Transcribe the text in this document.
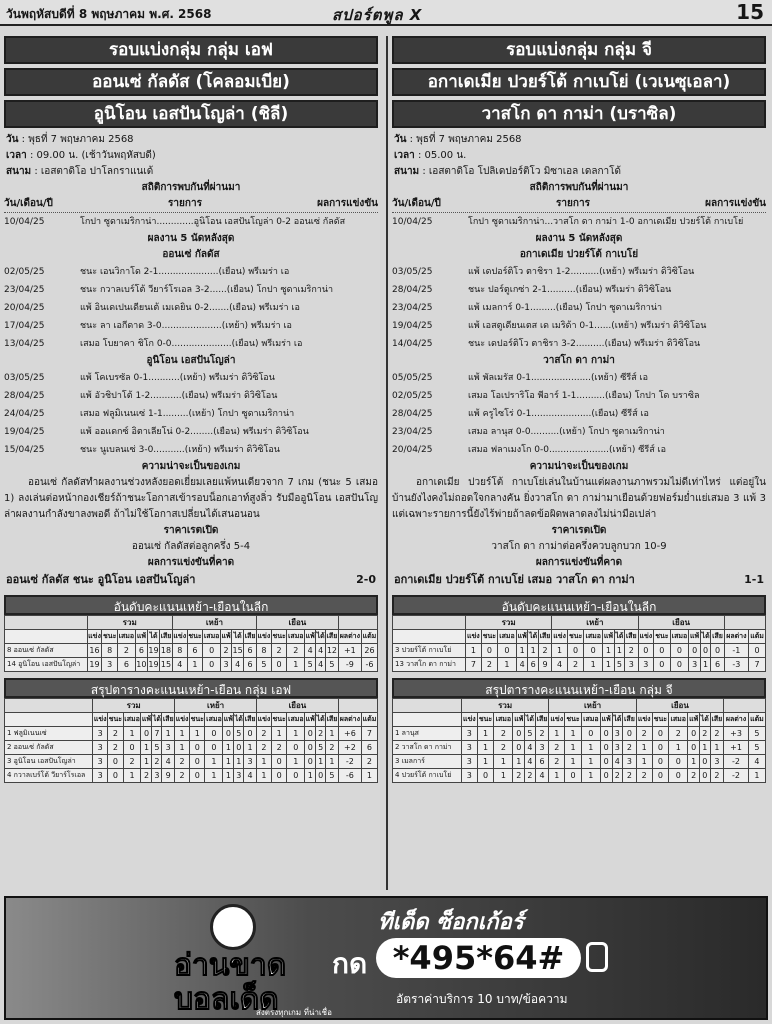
วันพฤหัสบดีที่ 8 พฤษภาคม พ.ศ. 2568	สปอร์ตพูล X	15
รอบแบ่งกลุ่ม กลุ่ม เอฟ
ออนเซ่ กัลดัส (โคลอมเบีย)
อูนิโอน เอสปันโญล่า (ชิลี)
วัน : พุธที่ 7 พฤษภาคม 2568
เวลา : 09.00 น. (เช้าวันพฤหัสบดี)
สนาม : เอสตาดิโอ ปาโลกราแนเด้
สถิติการพบกันที่ผ่านมา
วัน/เดือน/ปี	รายการ	ผลการแข่งขัน
10/04/25	โกปา ซูดาเมริกาน่า.............อูนิโอน เอสปันโญล่า 0-2 ออนเซ่ กัลดัส
ผลงาน 5 นัดหลังสุด
ออนเซ่ กัลดัส
02/05/25	ชนะ เอนวิกาโด 2-1.....................(เยือน) พรีเมร่า เอ
23/04/25	ชนะ กวาลเบร์โต้ วียาร์โรเอล 3-2......(เยือน) โกปา ซูดาเมริกาน่า
20/04/25	แพ้ อินเดเปนเดียนเต้ เมเดยิน 0-2.......(เยือน) พรีเมร่า เอ
17/04/25	ชนะ ลา เอกีดาด 3-0.....................(เหย้า) พรีเมร่า เอ
13/04/25	เสมอ โบยาคา ชิโก 0-0.....................(เยือน) พรีเมร่า เอ
อูนิโอน เอสปันโญล่า
03/05/25	แพ้ โคเบรซัล 0-1...........(เหย้า) พรีเมร่า ดิวิซิโอน
28/04/25	แพ้ อัวชิปาโต้ 1-2...........(เยือน) พรีเมร่า ดิวิซิโอน
24/04/25	เสมอ ฟลูมิเนนเซ่ 1-1.........(เหย้า) โกปา ซูดาเมริกาน่า
19/04/25	แพ้ ออแดกซ์ อิตาเลียโน่ 0-2........(เยือน) พรีเมร่า ดิวิซิโอน
15/04/25	ชนะ นูเบลนเซ่ 3-0...........(เหย้า) พรีเมร่า ดิวิซิโอน
ความน่าจะเป็นของเกม
ออนเซ่ กัลดัสทำผลงานช่วงหลังยอดเยี่ยมเลยแพ้หนเดียวจาก 7 เกม (ชนะ 5 เสมอ 1) ลงเล่นต่อหน้ากองเชียร์ถ้าชนะโอกาสเข้ารอบน็อกเอาท์สูงลิ่ว รับมืออูนิโอน เอสปันโญล่าผลงานกำลังขาลงพอดี ถ้าไม่ใช้โอกาสเปลี่ยนได้เสนอนอน
ราคาเรตเปิด
ออนเซ่ กัลดัสต่อลูกครึ่ง 5-4
ผลการแข่งขันที่คาด
ออนเซ่ กัลดัส ชนะ อูนิโอน เอสปันโญล่า	2-0
อันดับคะแนนเหย้า-เยือนในลีก
	รวม						เหย้า						เยือน							
	แข่ง	ชนะ	เสมอ	แพ้	ได้	เสีย	แข่ง	ชนะ	เสมอ	แพ้	ได้	เสีย	แข่ง	ชนะ	เสมอ	แพ้	ได้	เสีย	ผลต่าง	แต้ม
8 ออนเซ่ กัลดัส	16	8	2	6	19	18	8	6	0	2	15	6	8	2	2	4	4	12	+1	26
14 อูนิโอน เอสปันโญล่า	19	3	6	10	19	15	4	1	0	3	4	6	5	0	1	5	4	5	-9	-6
สรุปตารางคะแนนเหย้า-เยือน กลุ่ม เอฟ
	รวม						เหย้า						เยือน							
	แข่ง	ชนะ	เสมอ	แพ้	ได้	เสีย	แข่ง	ชนะ	เสมอ	แพ้	ได้	เสีย	แข่ง	ชนะ	เสมอ	แพ้	ได้	เสีย	ผลต่าง	แต้ม
1 ฟลูมิเนนเซ่	3	2	1	0	7	1	1	1	0	0	5	0	2	1	1	0	2	1	+6	7
2 ออนเซ่ กัลดัส	3	2	0	1	5	3	1	0	0	1	0	1	2	2	0	0	5	2	+2	6
3 อูนิโอน เอสปันโญล่า	3	0	2	1	2	4	2	0	1	1	1	3	1	0	1	0	1	1	-2	2
4 กวาลเบร์โต้ วียาร์โรเอล	3	0	1	2	3	9	2	0	1	1	3	4	1	0	0	1	0	5	-6	1
รอบแบ่งกลุ่ม กลุ่ม จี
อกาเดเมีย ปวยร์โต้ กาเบโย่ (เวเนซุเอลา)
วาสโก ดา กาม่า (บราซิล)
วัน : พุธที่ 7 พฤษภาคม 2568
เวลา : 05.00 น.
สนาม : เอสตาดิโอ โปลิเดปอร์ติโว มิซาเอล เดลกาโด้
สถิติการพบกันที่ผ่านมา
วัน/เดือน/ปี	รายการ	ผลการแข่งขัน
10/04/25	โกปา ซูดาเมริกาน่า...วาสโก ดา กาม่า 1-0 อกาเดเมีย ปวยร์โต้ กาเบโย่
ผลงาน 5 นัดหลังสุด
อกาเดเมีย ปวยร์โต้ กาเบโย่
03/05/25	แพ้ เดปอร์ติโว ตาชิรา 1-2..........(เหย้า) พรีเมร่า ดิวิซิโอน
28/04/25	ชนะ ปอร์ตูเกซ่า 2-1..........(เยือน) พรีเมร่า ดิวิซิโอน
23/04/25	แพ้ เมลการ์ 0-1.........(เยือน) โกปา ซูดาเมริกาน่า
19/04/25	แพ้ เอสตูเดียนเตส เด เมริด้า 0-1......(เหย้า) พรีเมร่า ดิวิซิโอน
14/04/25	ชนะ เดปอร์ติโว ตาชิรา 3-2..........(เยือน) พรีเมร่า ดิวิซิโอน
วาสโก ดา กาม่า
05/05/25	แพ้ พัลเมรัส 0-1.....................(เหย้า) ซีรีส์ เอ
02/05/25	เสมอ โอเปราริโอ พีอาร์ 1-1..........(เยือน) โกปา โด บราซิล
28/04/25	แพ้ ครูไซโร่ 0-1.....................(เยือน) ซีรีส์ เอ
23/04/25	เสมอ ลานุส 0-0..........(เหย้า) โกปา ซูดาเมริกาน่า
20/04/25	เสมอ ฟลาเมงโก 0-0.....................(เหย้า) ซีรีส์ เอ
ความน่าจะเป็นของเกม
อกาเดเมีย ปวยร์โต้ กาเบโย่เล่นในบ้านแต่ผลงานภาพรวมไม่ดีเท่าไหร่ แต่อยู่ในบ้านยังไงคงไม่ถอดใจกลางคัน ยิ่งวาสโก ดา กาม่ามาเยือนด้วยฟอร์มย่ำแย่เสมอ 3 แพ้ 3 แต่เฉพาะรายการนี้ยังไร้พ่ายถ้าลดข้อผิดพลาดลงไม่น่ามือเปล่า
ราคาเรตเปิด
วาสโก ดา กาม่าต่อครึ่งควบลูกบวก 10-9
ผลการแข่งขันที่คาด
อกาเดเมีย ปวยร์โต้ กาเบโย่ เสมอ วาสโก ดา กาม่า	1-1
อันดับคะแนนเหย้า-เยือนในลีก
	รวม						เหย้า						เยือน							
	แข่ง	ชนะ	เสมอ	แพ้	ได้	เสีย	แข่ง	ชนะ	เสมอ	แพ้	ได้	เสีย	แข่ง	ชนะ	เสมอ	แพ้	ได้	เสีย	ผลต่าง	แต้ม
3 ปวยร์โต้ กาเบโย่	1	0	0	1	1	2	1	0	0	1	1	2	0	0	0	0	0	0	-1	0
13 วาสโก ดา กาม่า	7	2	1	4	6	9	4	2	1	1	5	3	3	0	0	3	1	6	-3	7
สรุปตารางคะแนนเหย้า-เยือน กลุ่ม จี
	รวม						เหย้า						เยือน							
	แข่ง	ชนะ	เสมอ	แพ้	ได้	เสีย	แข่ง	ชนะ	เสมอ	แพ้	ได้	เสีย	แข่ง	ชนะ	เสมอ	แพ้	ได้	เสีย	ผลต่าง	แต้ม
1 ลานุส	3	1	2	0	5	2	1	1	0	0	3	0	2	0	2	0	2	2	+3	5
2 วาสโก ดา กาม่า	3	1	2	0	4	3	2	1	1	0	3	2	1	0	1	0	1	1	+1	5
3 เมลการ์	3	1	1	1	4	6	2	1	1	0	4	3	1	0	0	1	0	3	-2	4
4 ปวยร์โต้ กาเบโย่	3	0	1	2	2	4	1	0	1	0	2	2	2	0	0	2	0	2	-2	1
อ่านขาด
บอลเด็ด
ส่งตรงทุกเกม ที่น่าเชื่อ
ทีเด็ด ซ็อกเก้อร์
กด *495*64#
อัตราค่าบริการ 10 บาท/ข้อความ
